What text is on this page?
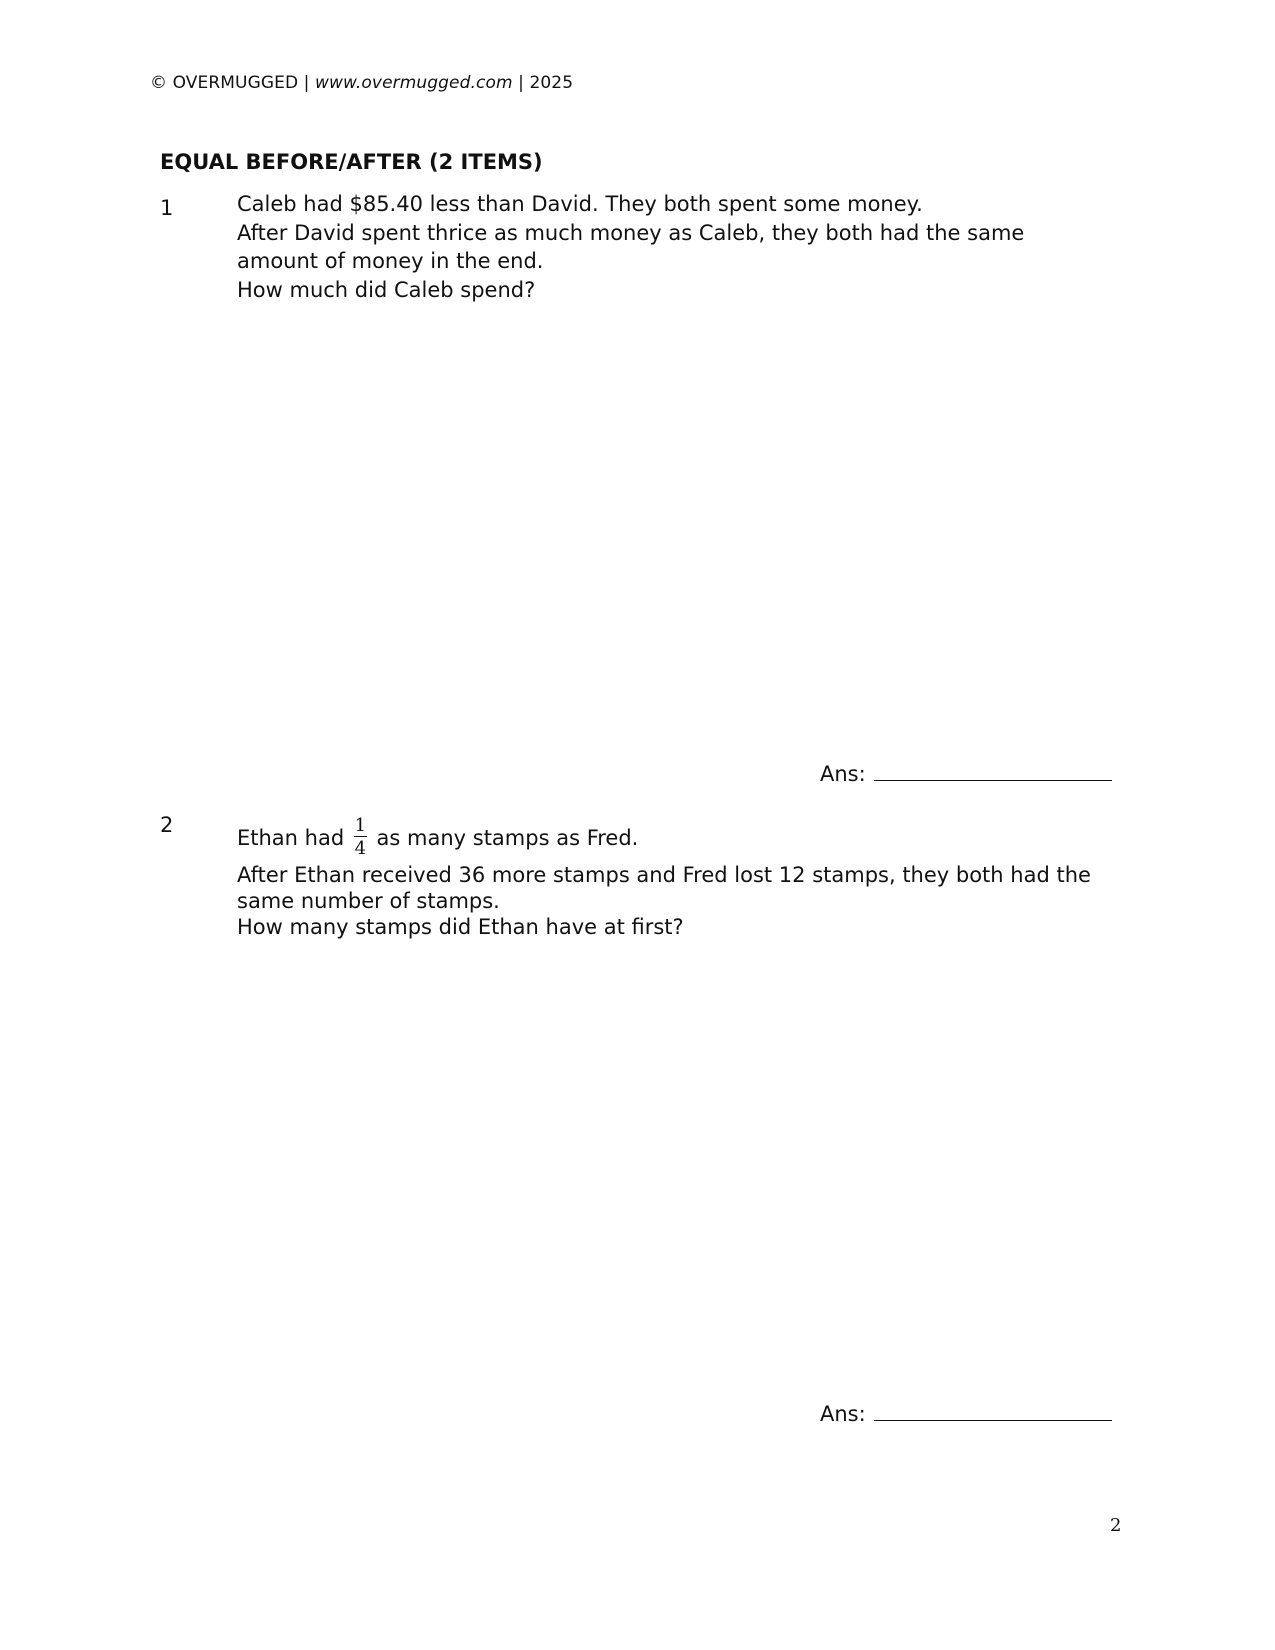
© OVERMUGGED | www.overmugged.com | 2025
EQUAL BEFORE/AFTER (2 ITEMS)
1	Caleb had $85.40 less than David. They both spent some money.

After David spent thrice as much money as Caleb, they both had the same amount of money in the end.

How much did Caleb spend?

Ans:
2

Ethan had $\frac{1}{4}$ as many stamps as Fred.

After Ethan received 36 more stamps and Fred lost 12 stamps, they both had the same number of stamps.

How many stamps did Ethan have at first?

Ans:
2
